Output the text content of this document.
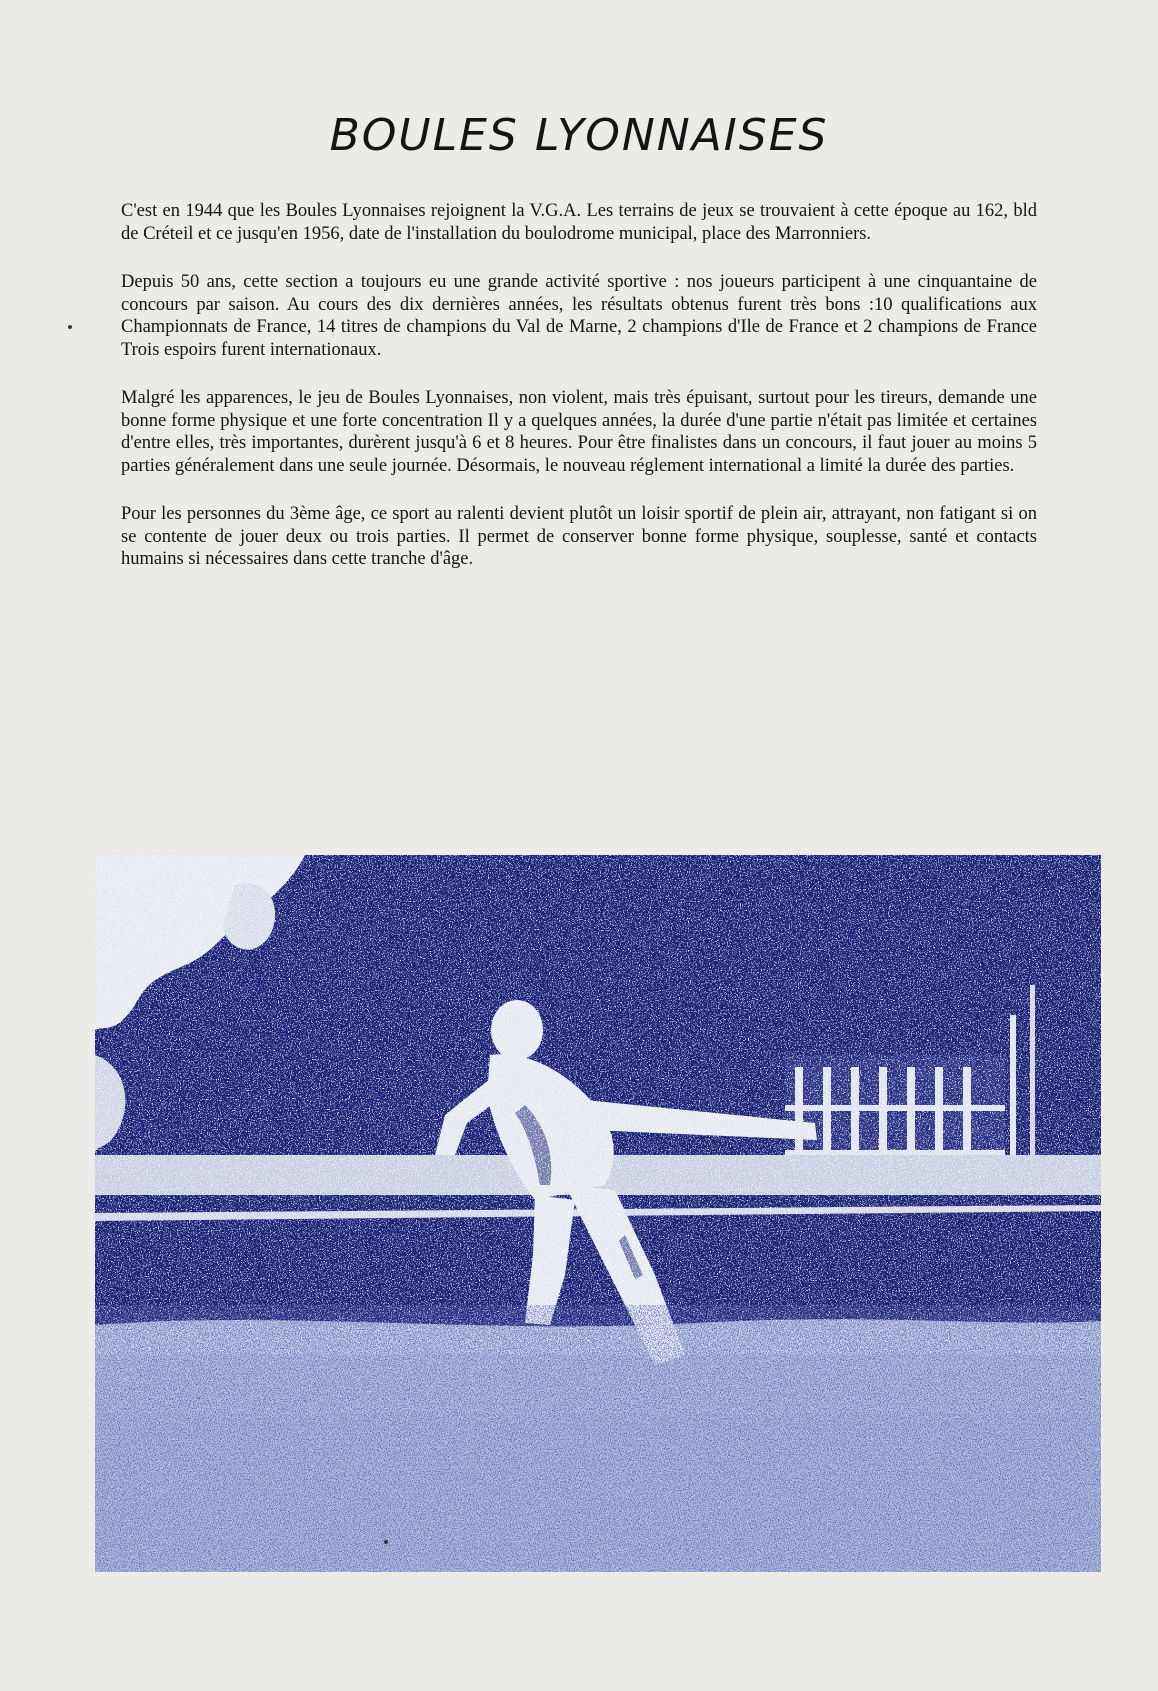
BOULES LYONNAISES

C'est en 1944 que les Boules Lyonnaises rejoignent la V.G.A. Les terrains de jeux se trouvaient à cette époque au 162, bld de Créteil et ce jusqu'en 1956, date de l'installation du boulodrome municipal, place des Marronniers.

Depuis 50 ans, cette section a toujours eu une grande activité sportive : nos joueurs participent à une cinquantaine de concours par saison. Au cours des dix dernières années, les résultats obtenus furent très bons :10 qualifications aux Championnats de France, 14 titres de champions du Val de Marne, 2 champions d'Ile de France et 2 champions de France Trois espoirs furent internationaux.

Malgré les apparences, le jeu de Boules Lyonnaises, non violent, mais très épuisant, surtout pour les tireurs, demande une bonne forme physique et une forte concentration Il y a quelques années, la durée d'une partie n'était pas limitée et certaines d'entre elles, très importantes, durèrent jusqu'à 6 et 8 heures. Pour être finalistes dans un concours, il faut jouer au moins 5 parties généralement dans une seule journée. Désormais, le nouveau réglement international a limité la durée des parties.

Pour les personnes du 3ème âge, ce sport au ralenti devient plutôt un loisir sportif de plein air, attrayant, non fatigant si on se contente de jouer deux ou trois parties. Il permet de conserver bonne forme physique, souplesse, santé et contacts humains si nécessaires dans cette tranche d'âge.
